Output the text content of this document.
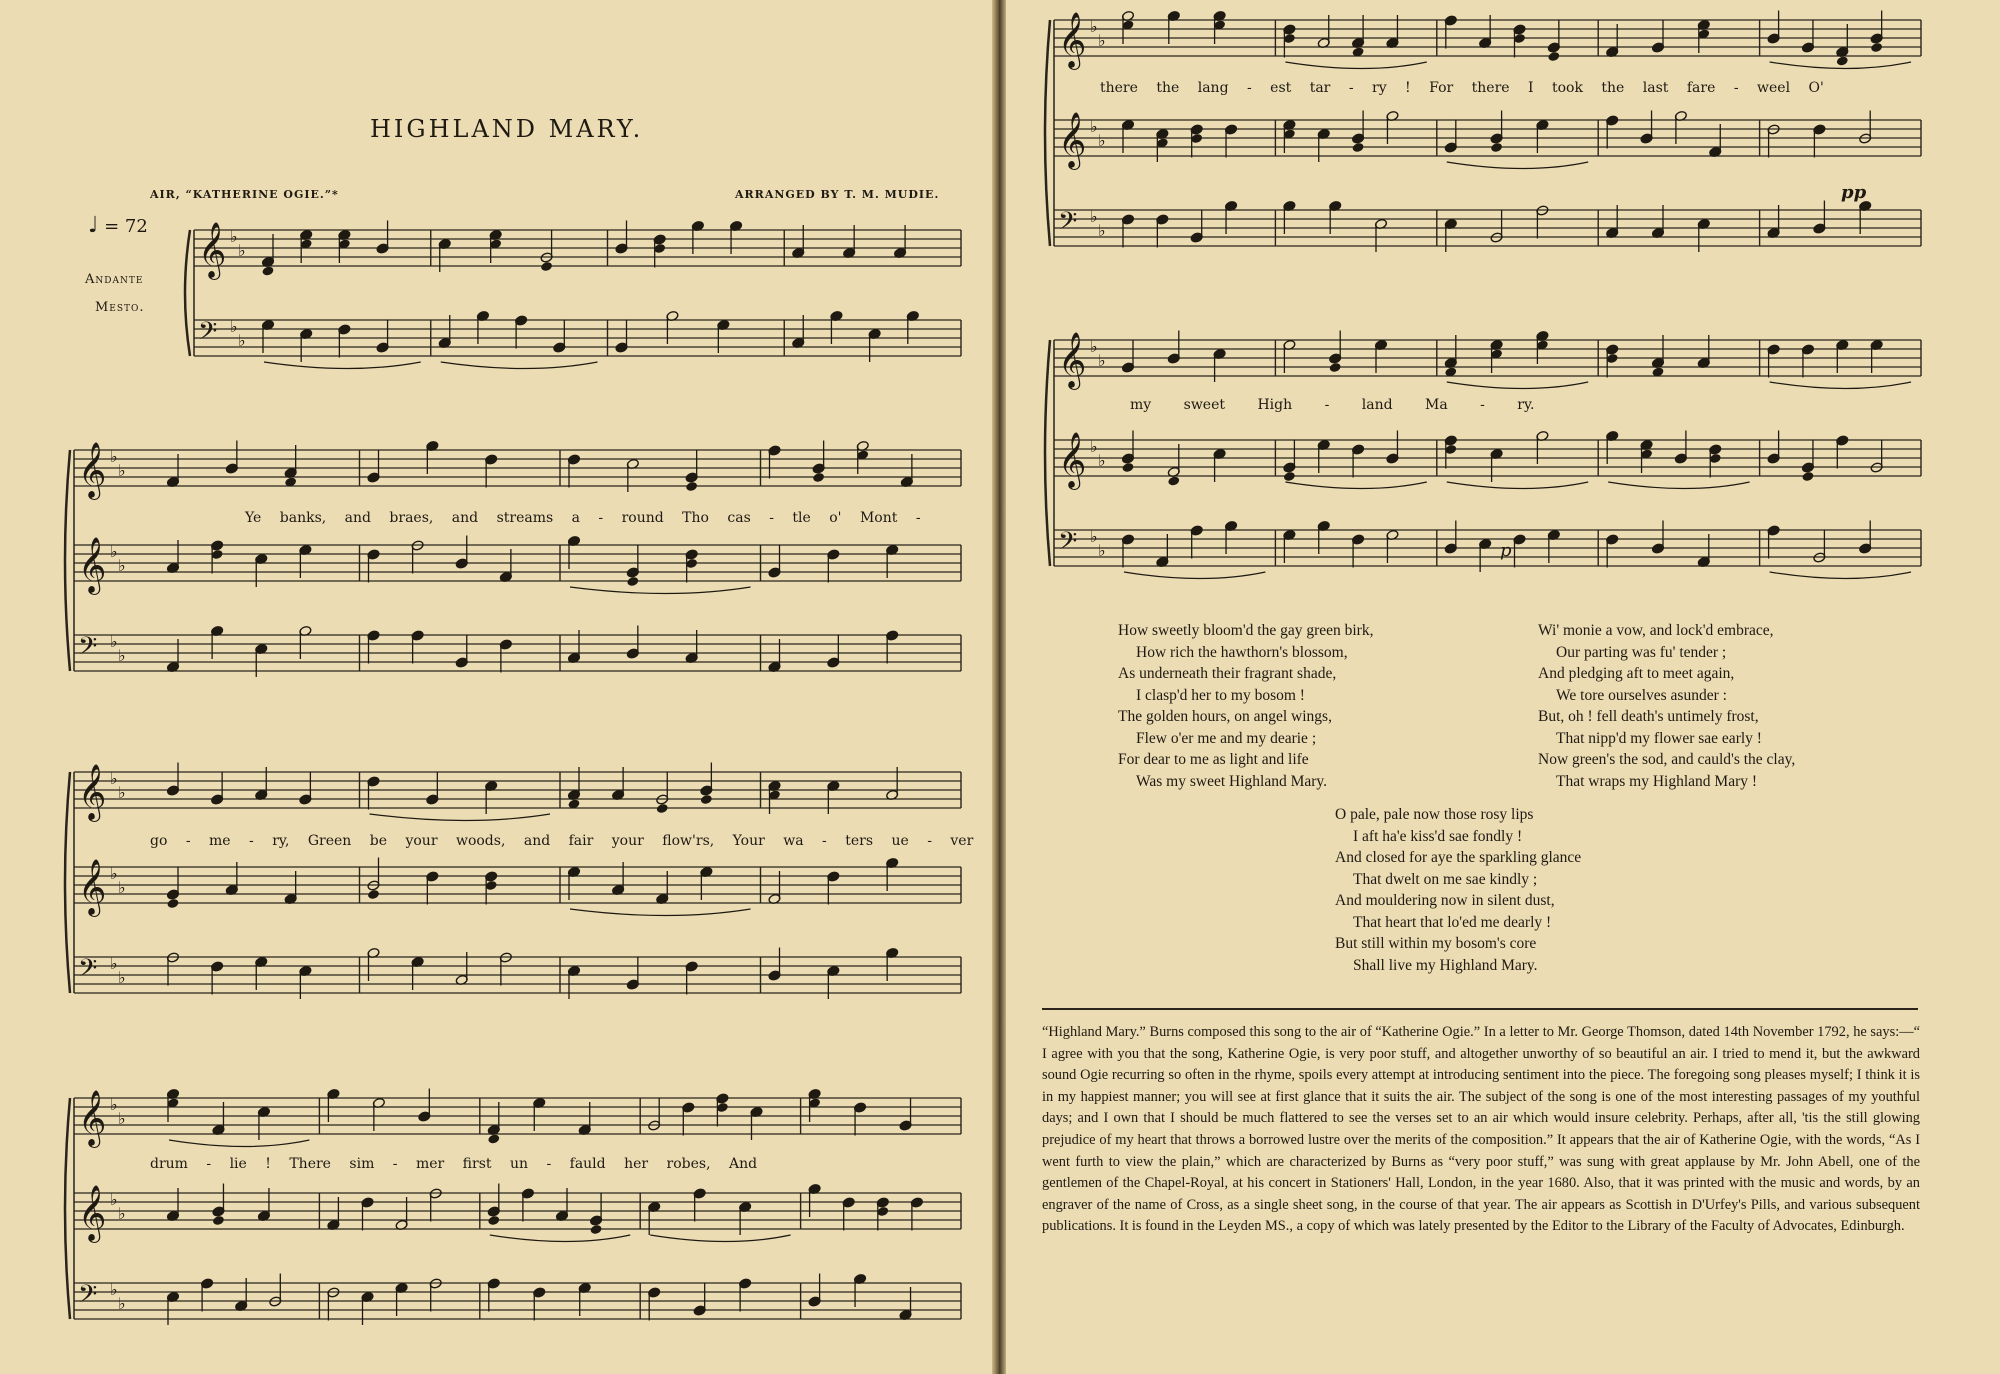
HIGHLAND MARY.
AIR, “KATHERINE OGIE.”*	ARRANGED BY T. M. MUDIE.
♩ = 72
Andante
Mesto.
𝄞 ♭
♭
𝄢 ♭
♭
𝄞 ♭
♭
𝄞 ♭
♭
𝄢 ♭
♭
𝄞 ♭
♭
𝄞 ♭
♭
𝄢 ♭
♭
𝄞 ♭
♭
𝄞 ♭
♭
𝄢 ♭
♭
𝄞 ♭
♭
𝄞 ♭
♭
𝄢 ♭
♭
𝄞 ♭
♭
𝄞 ♭
♭
𝄢 ♭
♭
Ye banks, and braes, and streams a - round Tho cas - tle o' Mont -
go - me - ry, Green be your woods, and fair your flow'rs, Your wa - ters ue - ver
drum - lie ! There sim - mer first un - fauld her robes, And
there the lang - est tar - ry ! For there I took the last fare - weel O'
my sweet High - land Ma - ry.
pp
p
How sweetly bloom'd the gay green birk,
How rich the hawthorn's blossom,
As underneath their fragrant shade,
I clasp'd her to my bosom !
The golden hours, on angel wings,
Flew o'er me and my dearie ;
For dear to me as light and life
Was my sweet Highland Mary.
Wi' monie a vow, and lock'd embrace,
Our parting was fu' tender ;
And pledging aft to meet again,
We tore ourselves asunder :
But, oh ! fell death's untimely frost,
That nipp'd my flower sae early !
Now green's the sod, and cauld's the clay,
That wraps my Highland Mary !
O pale, pale now those rosy lips
I aft ha'e kiss'd sae fondly !
And closed for aye the sparkling glance
That dwelt on me sae kindly ;
And mouldering now in silent dust,
That heart that lo'ed me dearly !
But still within my bosom's core
Shall live my Highland Mary.
“Highland Mary.” Burns composed this song to the air of “Katherine Ogie.” In a letter to Mr. George Thomson, dated 14th November 1792, he says:—“ I agree with you that the song, Katherine Ogie, is very poor stuff, and altogether unworthy of so beautiful an air. I tried to mend it, but the awkward sound Ogie recurring so often in the rhyme, spoils every attempt at introducing sentiment into the piece. The foregoing song pleases myself; I think it is in my happiest manner; you will see at first glance that it suits the air. The subject of the song is one of the most interesting passages of my youthful days; and I own that I should be much flattered to see the verses set to an air which would insure celebrity. Perhaps, after all, 'tis the still glowing prejudice of my heart that throws a borrowed lustre over the merits of the composition.” It appears that the air of Katherine Ogie, with the words, “As I went furth to view the plain,” which are characterized by Burns as “very poor stuff,” was sung with great applause by Mr. John Abell, one of the gentlemen of the Chapel-Royal, at his concert in Stationers' Hall, London, in the year 1680. Also, that it was printed with the music and words, by an engraver of the name of Cross, as a single sheet song, in the course of that year. The air appears as Scottish in D'Urfey's Pills, and various subsequent publications. It is found in the Leyden MS., a copy of which was lately presented by the Editor to the Library of the Faculty of Advocates, Edinburgh.
